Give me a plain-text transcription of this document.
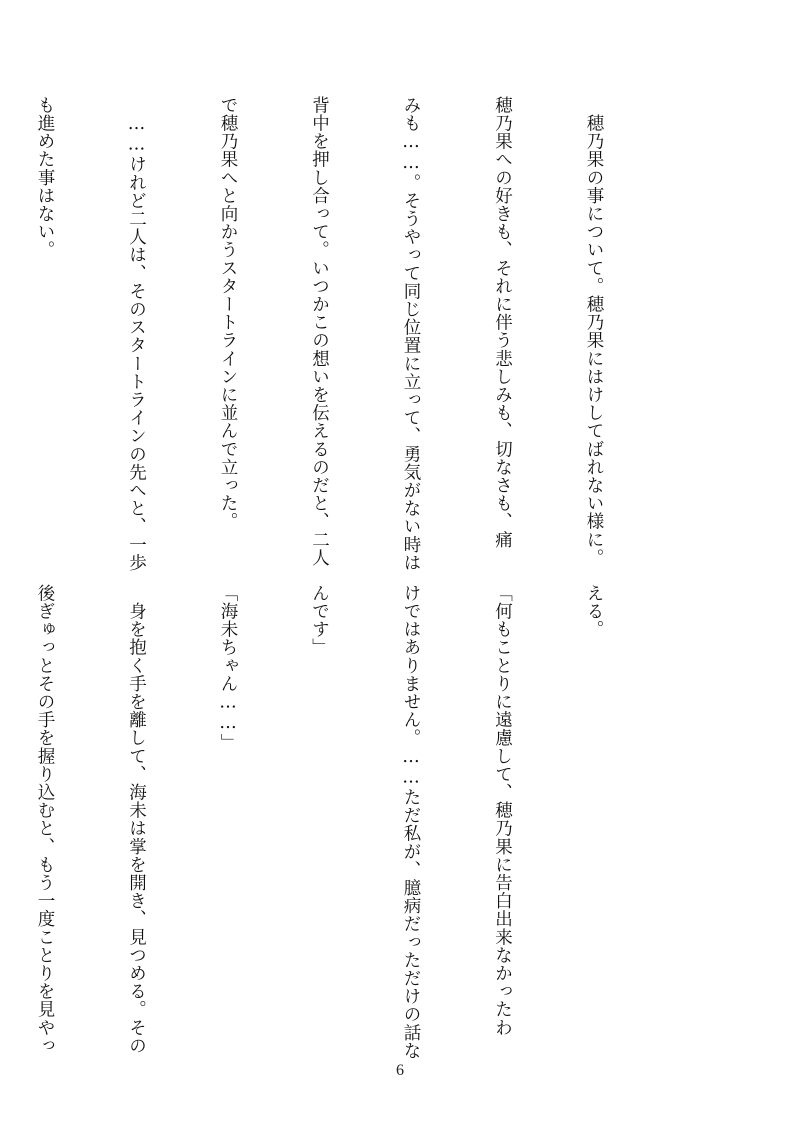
　穂乃果の事について。穂乃果にはけしてばれない様に。

穂乃果への好きも、それに伴う悲しみも、切なさも、痛

みも……。そうやって同じ位置に立って、勇気がない時は

背中を押し合って。いつかこの想いを伝えるのだと、二人

で穂乃果へと向かうスタートラインに並んで立った。

　……けれど二人は、そのスタートラインの先へと、一歩

も進めた事はない。

える。

「何もことりに遠慮して、穂乃果に告白出来なかったわ

けではありません。……ただ私が、臆病だっただけの話な

んです」

「海未ちゃん……」

　身を抱く手を離して、海未は掌を開き、見つめる。その

後ぎゅっとその手を握り込むと、もう一度ことりを見やっ

6
